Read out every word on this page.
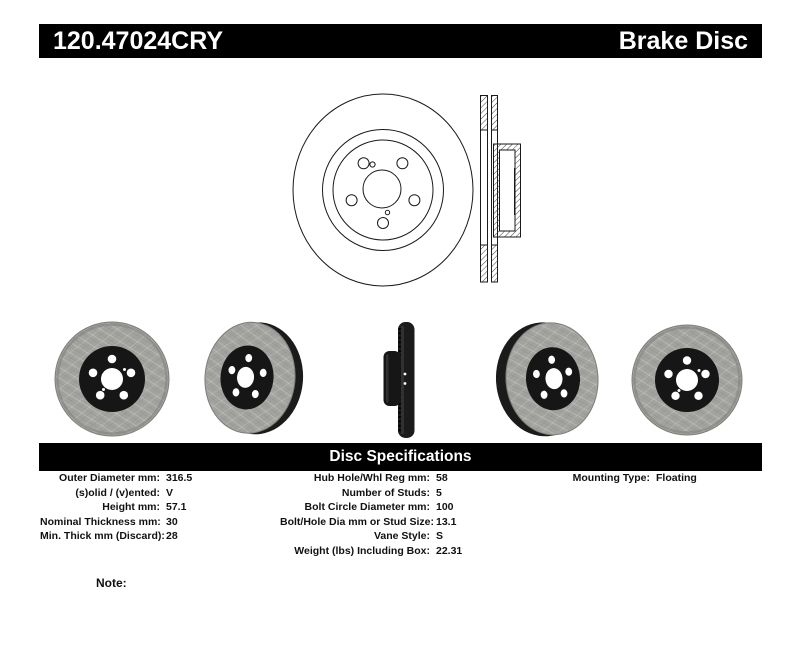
120.47024CRY	Brake Disc
Disc Specifications
Outer Diameter mm: 316.5
(s)olid / (v)ented: V
Height mm: 57.1
Nominal Thickness mm: 30
Min. Thick mm (Discard): 28
Hub Hole/Whl Reg mm: 58
Number of Studs: 5
Bolt Circle Diameter mm: 100
Bolt/Hole Dia mm or Stud Size: 13.1
Vane Style: S
Weight (lbs) Including Box: 22.31
Mounting Type: Floating
Note:
